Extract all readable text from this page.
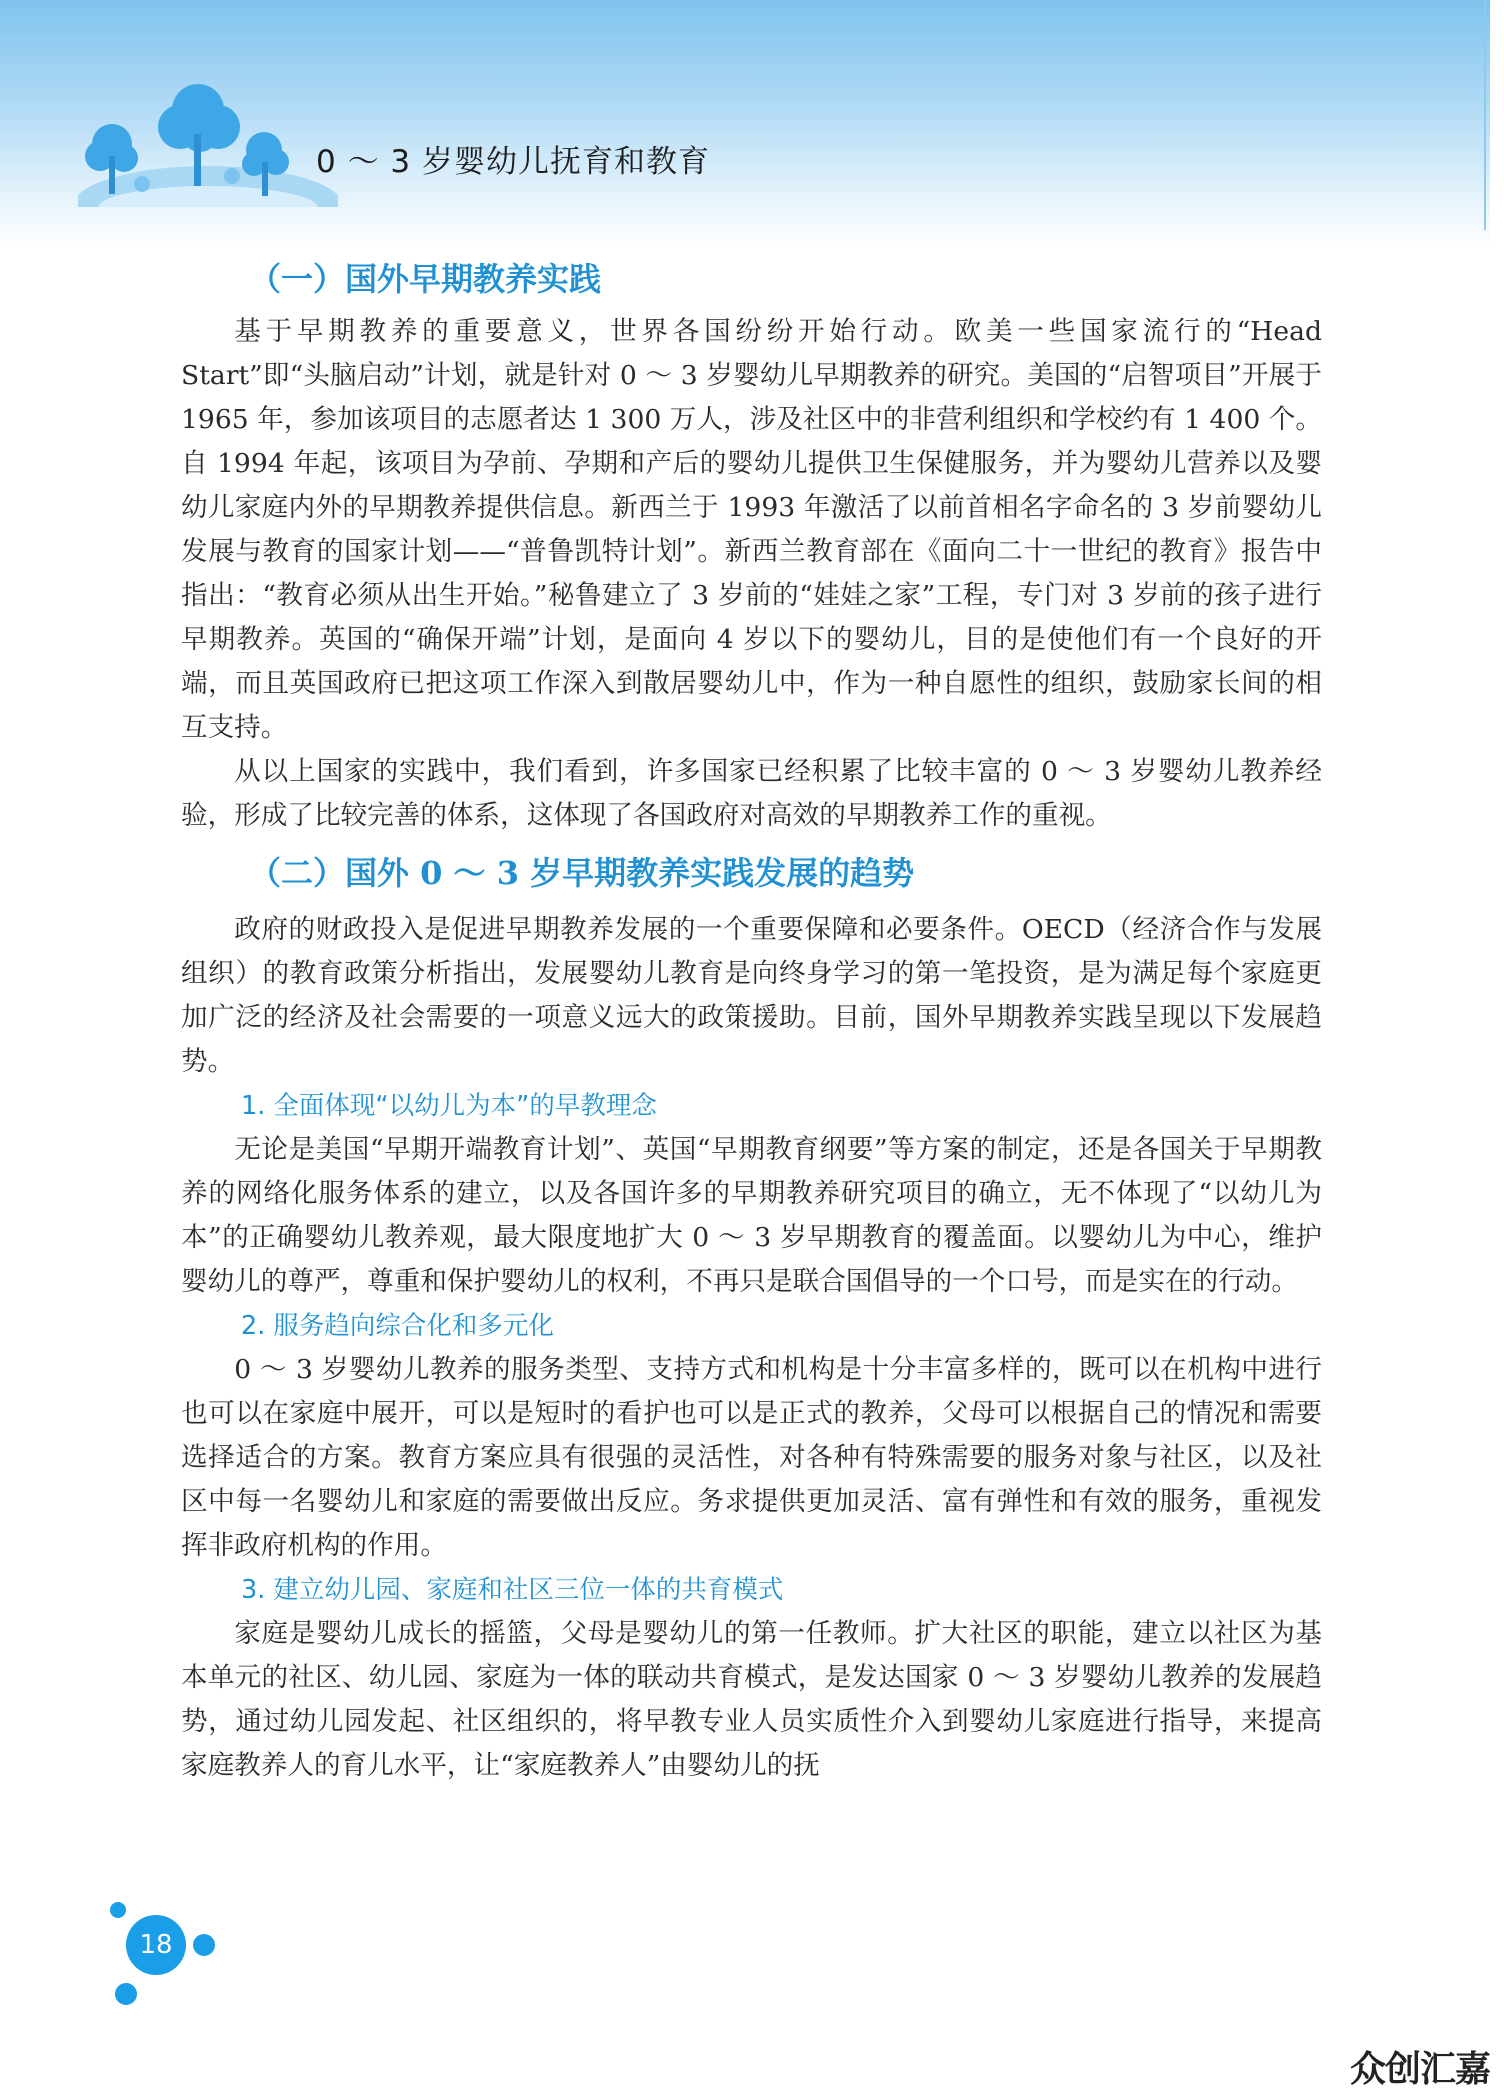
0 ～ 3 岁婴幼儿抚育和教育
（一）国外早期教养实践

基于早期教养的重要意义，世界各国纷纷开始行动。欧美一些国家流行的“Head Start”即“头脑启动”计划，就是针对 0 ～ 3 岁婴幼儿早期教养的研究。美国的“启智项目”开展于 1965 年，参加该项目的志愿者达 1 300 万人，涉及社区中的非营利组织和学校约有 1 400 个。自 1994 年起，该项目为孕前、孕期和产后的婴幼儿提供卫生保健服务，并为婴幼儿营养以及婴幼儿家庭内外的早期教养提供信息。新西兰于 1993 年激活了以前首相名字命名的 3 岁前婴幼儿发展与教育的国家计划——“普鲁凯特计划”。新西兰教育部在《面向二十一世纪的教育》报告中指出：“教育必须从出生开始。”秘鲁建立了 3 岁前的“娃娃之家”工程，专门对 3 岁前的孩子进行早期教养。英国的“确保开端”计划，是面向 4 岁以下的婴幼儿，目的是使他们有一个良好的开端，而且英国政府已把这项工作深入到散居婴幼儿中，作为一种自愿性的组织，鼓励家长间的相互支持。

从以上国家的实践中，我们看到，许多国家已经积累了比较丰富的 0 ～ 3 岁婴幼儿教养经验，形成了比较完善的体系，这体现了各国政府对高效的早期教养工作的重视。

（二）国外 0 ～ 3 岁早期教养实践发展的趋势

政府的财政投入是促进早期教养发展的一个重要保障和必要条件。OECD（经济合作与发展组织）的教育政策分析指出，发展婴幼儿教育是向终身学习的第一笔投资，是为满足每个家庭更加广泛的经济及社会需要的一项意义远大的政策援助。目前，国外早期教养实践呈现以下发展趋势。

1. 全面体现“以幼儿为本”的早教理念

无论是美国“早期开端教育计划”、英国“早期教育纲要”等方案的制定，还是各国关于早期教养的网络化服务体系的建立，以及各国许多的早期教养研究项目的确立，无不体现了“以幼儿为本”的正确婴幼儿教养观，最大限度地扩大 0 ～ 3 岁早期教育的覆盖面。以婴幼儿为中心，维护婴幼儿的尊严，尊重和保护婴幼儿的权利，不再只是联合国倡导的一个口号，而是实在的行动。

2. 服务趋向综合化和多元化

0 ～ 3 岁婴幼儿教养的服务类型、支持方式和机构是十分丰富多样的，既可以在机构中进行也可以在家庭中展开，可以是短时的看护也可以是正式的教养，父母可以根据自己的情况和需要选择适合的方案。教育方案应具有很强的灵活性，对各种有特殊需要的服务对象与社区，以及社区中每一名婴幼儿和家庭的需要做出反应。务求提供更加灵活、富有弹性和有效的服务，重视发挥非政府机构的作用。

3. 建立幼儿园、家庭和社区三位一体的共育模式

家庭是婴幼儿成长的摇篮，父母是婴幼儿的第一任教师。扩大社区的职能，建立以社区为基本单元的社区、幼儿园、家庭为一体的联动共育模式，是发达国家 0 ～ 3 岁婴幼儿教养的发展趋势，通过幼儿园发起、社区组织的，将早教专业人员实质性介入到婴幼儿家庭进行指导，来提高家庭教养人的育儿水平，让“家庭教养人”由婴幼儿的抚

18
众创汇嘉
